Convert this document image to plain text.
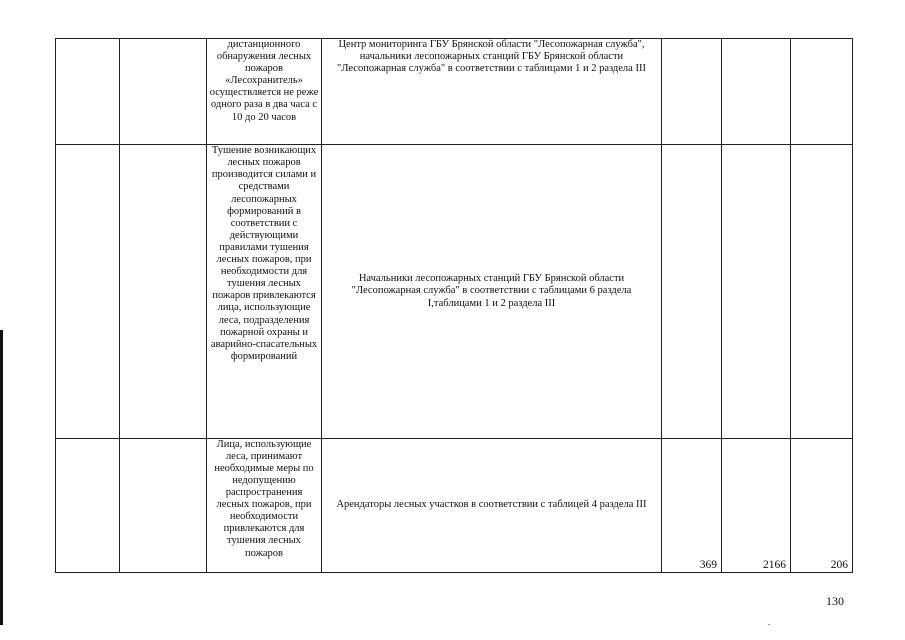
		дистанционного обнаружения лесных пожаров «Лесохранитель» осуществляется не реже одного раза в два часа с 10 до 20 часов	Центр мониторинга ГБУ Брянской области "Лесопожарная служба", начальники лесопожарных станций ГБУ Брянской области "Лесопожарная служба" в соответствии с таблицами 1 и 2 раздела III			
		Тушение возникающих лесных пожаров производится силами и средствами лесопожарных формирований в соответствии с действующими правилами тушения лесных пожаров, при необходимости для тушения лесных пожаров привлекаются лица, использующие леса, подразделения пожарной охраны и аварийно-спасательных формирований	Начальники лесопожарных станций ГБУ Брянской области "Лесопожарная служба" в соответствии с таблицами 6 раздела I,таблицами 1 и 2 раздела III			
		Лица, использующие леса, принимают необходимые меры по недопущению распространения лесных пожаров, при необходимости привлекаются для тушения лесных пожаров	Арендаторы лесных участков в соответствии с таблицей 4 раздела III	369	2166	206
130
